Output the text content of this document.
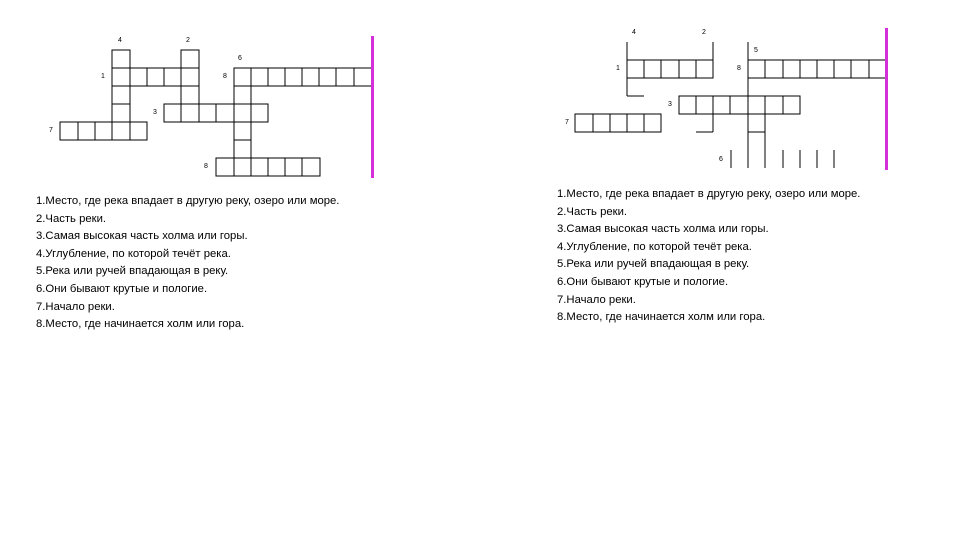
4	2
1	8
6
3
7
8
1.Место, где река впадает в другую реку, озеро или море.
2.Часть реки.
3.Самая высокая часть холма или горы.
4.Углубление, по которой течёт река.
5.Река или ручей впадающая в реку.
6.Они бывают крутые и пологие.
7.Начало реки.
8.Место, где начинается холм или гора.
4	2
1
5
8
3
7
6
1.Место, где река впадает в другую реку, озеро или море.
2.Часть реки.
3.Самая высокая часть холма или горы.
4.Углубление, по которой течёт река.
5.Река или ручей впадающая в реку.
6.Они бывают крутые и пологие.
7.Начало реки.
8.Место, где начинается холм или гора.
